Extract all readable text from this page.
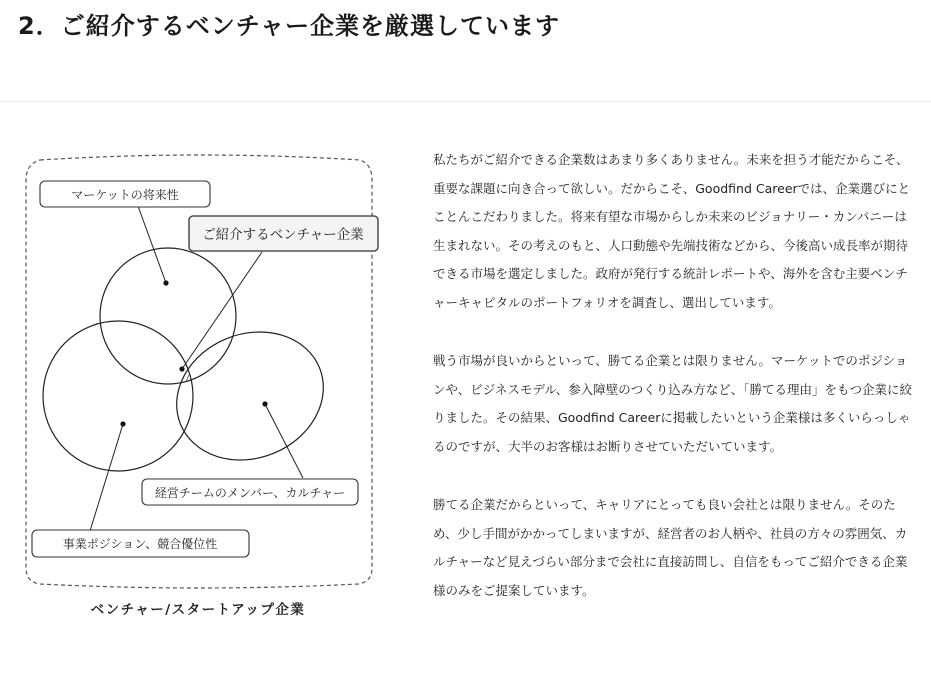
2．ご紹介するベンチャー企業を厳選しています
マーケットの将来性
ご紹介するベンチャー企業
経営チームのメンバー、カルチャー
事業ポジション、競合優位性
ベンチャー/スタートアップ企業

私たちがご紹介できる企業数はあまり多くありません。未来を担う才能だからこそ、重要な課題に向き合って欲しい。だからこそ、Goodfind Careerでは、企業選びにとことんこだわりました。将来有望な市場からしか未来のビジョナリー・カンパニーは生まれない。その考えのもと、人口動態や先端技術などから、今後高い成長率が期待できる市場を選定しました。政府が発行する統計レポートや、海外を含む主要ベンチャーキャピタルのポートフォリオを調査し、選出しています。

戦う市場が良いからといって、勝てる企業とは限りません。マーケットでのポジションや、ビジネスモデル、参入障壁のつくり込み方など、「勝てる理由」をもつ企業に絞りました。その結果、Goodfind Careerに掲載したいという企業様は多くいらっしゃるのですが、大半のお客様はお断りさせていただいています。

勝てる企業だからといって、キャリアにとっても良い会社とは限りません。そのため、少し手間がかかってしまいますが、経営者のお人柄や、社員の方々の雰囲気、カルチャーなど見えづらい部分まで会社に直接訪問し、自信をもってご紹介できる企業様のみをご提案しています。
